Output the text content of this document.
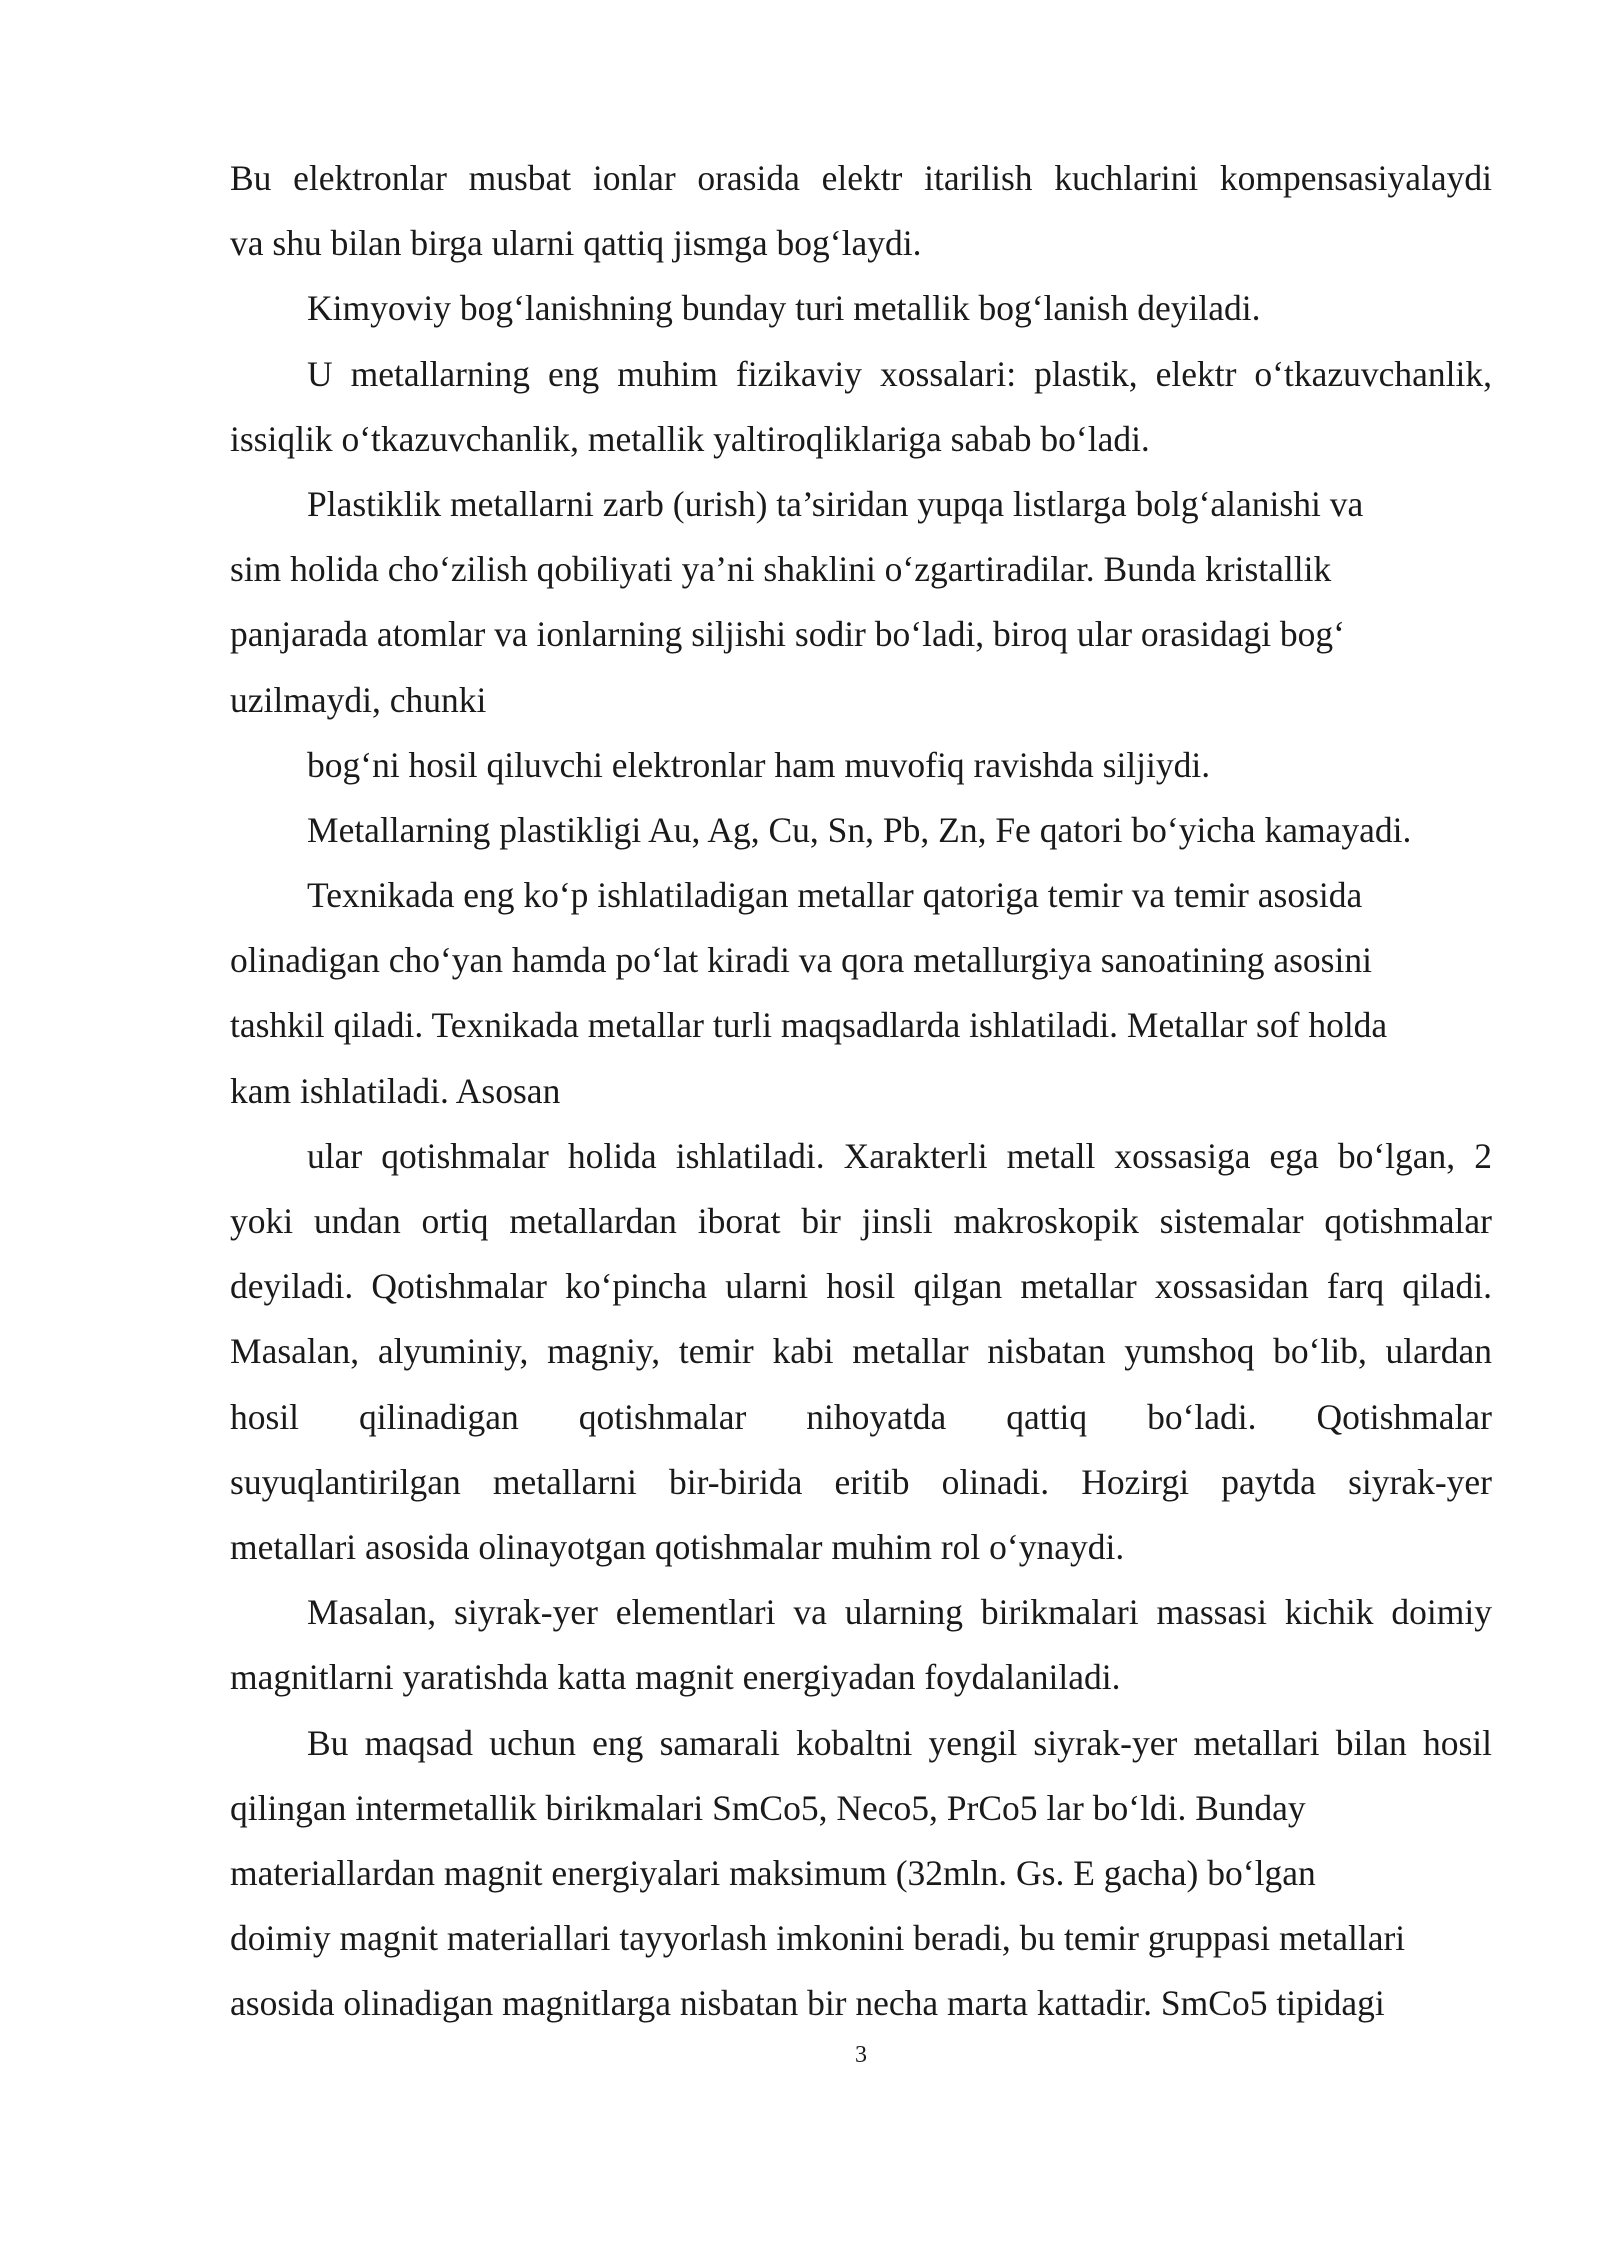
Bu elektronlar musbat ionlar orasida elektr itarilish kuchlarini kompensasiyalaydi
va shu bilan birga ularni qattiq jismga bog‘laydi.
Kimyoviy bog‘lanishning bunday turi metallik bog‘lanish deyiladi.
U metallarning eng muhim fizikaviy xossalari: plastik, elektr o‘tkazuvchanlik,
issiqlik o‘tkazuvchanlik, metallik yaltiroqliklariga sabab bo‘ladi.
Plastiklik metallarni zarb (urish) ta’siridan yupqa listlarga bolg‘alanishi va
sim holida cho‘zilish qobiliyati ya’ni shaklini o‘zgartiradilar. Bunda kristallik
panjarada atomlar va ionlarning siljishi sodir bo‘ladi, biroq ular orasidagi bog‘
uzilmaydi, chunki
bog‘ni hosil qiluvchi elektronlar ham muvofiq ravishda siljiydi.
Metallarning plastikligi Au, Ag, Cu, Sn, Pb, Zn, Fe qatori bo‘yicha kamayadi.
Texnikada eng ko‘p ishlatiladigan metallar qatoriga temir va temir asosida
olinadigan cho‘yan hamda po‘lat kiradi va qora metallurgiya sanoatining asosini
tashkil qiladi. Texnikada metallar turli maqsadlarda ishlatiladi. Metallar sof holda
kam ishlatiladi. Asosan
ular qotishmalar holida ishlatiladi. Xarakterli metall xossasiga ega bo‘lgan, 2
yoki undan ortiq metallardan iborat bir jinsli makroskopik sistemalar qotishmalar
deyiladi. Qotishmalar ko‘pincha ularni hosil qilgan metallar xossasidan farq qiladi.
Masalan, alyuminiy, magniy, temir kabi metallar nisbatan yumshoq bo‘lib, ulardan
hosil qilinadigan qotishmalar nihoyatda qattiq bo‘ladi. Qotishmalar
suyuqlantirilgan metallarni bir-birida eritib olinadi. Hozirgi paytda siyrak-yer
metallari asosida olinayotgan qotishmalar muhim rol o‘ynaydi.
Masalan, siyrak-yer elementlari va ularning birikmalari massasi kichik doimiy
magnitlarni yaratishda katta magnit energiyadan foydalaniladi.
Bu maqsad uchun eng samarali kobaltni yengil siyrak-yer metallari bilan hosil
qilingan intermetallik birikmalari SmCo5, Neco5, PrCo5 lar bo‘ldi. Bunday
materiallardan magnit energiyalari maksimum (32mln. Gs. E gacha) bo‘lgan
doimiy magnit materiallari tayyorlash imkonini beradi, bu temir gruppasi metallari
asosida olinadigan magnitlarga nisbatan bir necha marta kattadir. SmCo5 tipidagi
3
